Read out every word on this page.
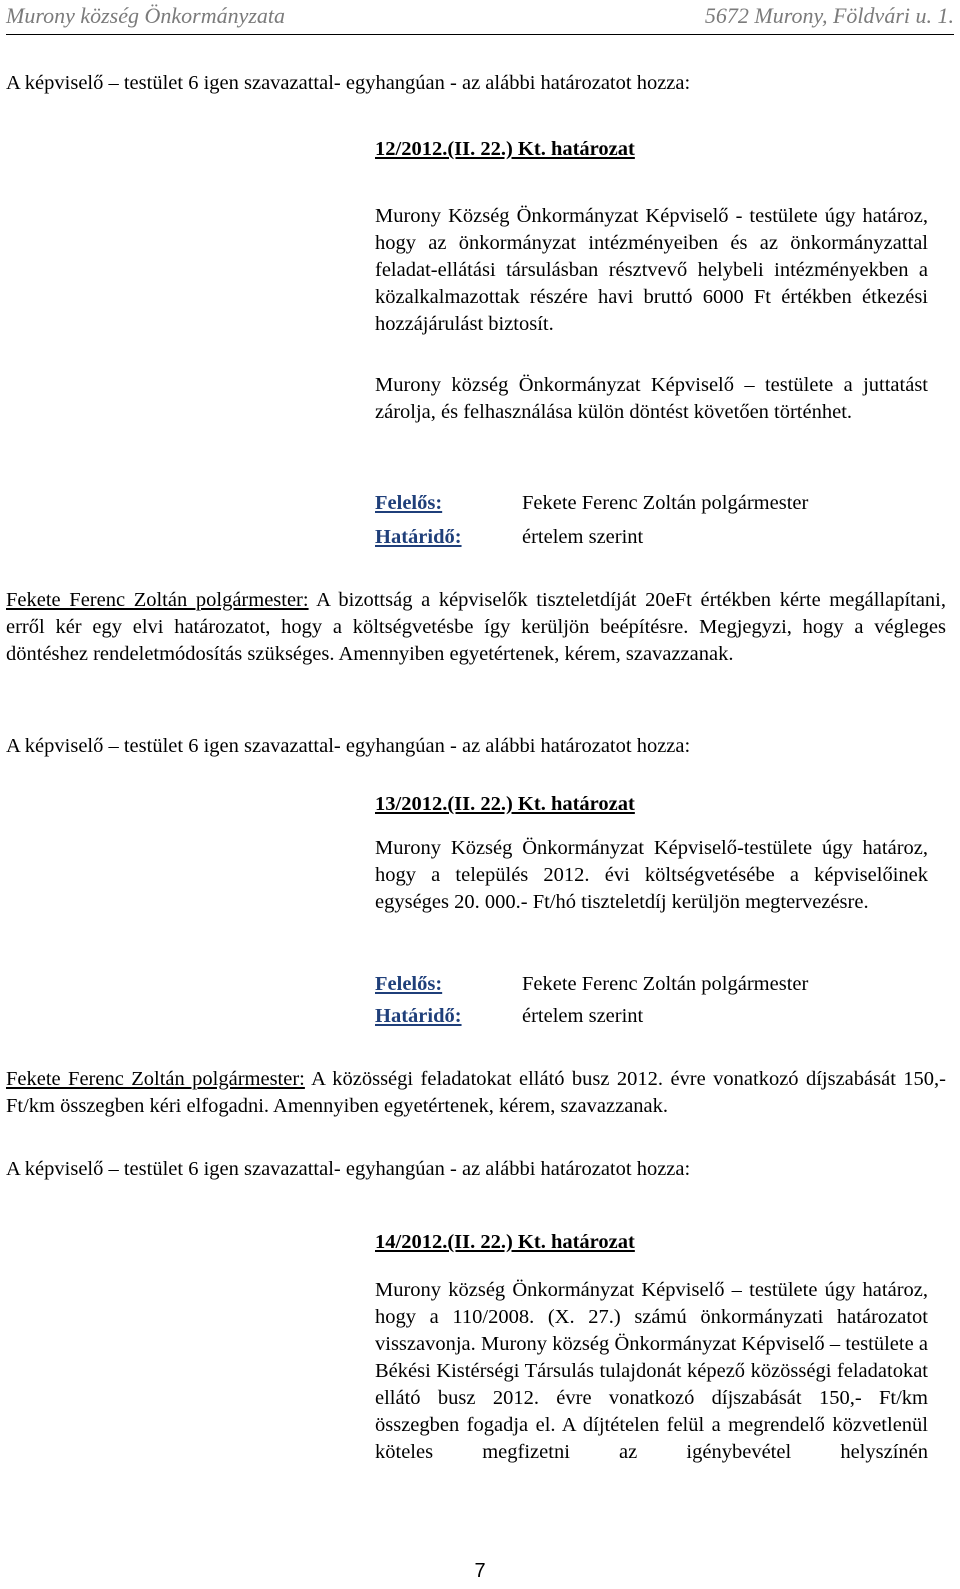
Murony község Önkormányzata	5672 Murony, Földvári u. 1.

A képviselő – testület 6 igen szavazattal- egyhangúan - az alábbi határozatot hozza:

12/2012.(II. 22.) Kt. határozat

Murony Község Önkormányzat Képviselő - testülete úgy határoz, hogy az önkormányzat intézményeiben és az önkormányzattal feladat-ellátási társulásban résztvevő helybeli intézményekben a közalkalmazottak részére havi bruttó 6000 Ft értékben étkezési hozzájárulást biztosít.

Murony község Önkormányzat Képviselő – testülete a juttatást zárolja, és felhasználása külön döntést követően történhet.

Felelős:	Fekete Ferenc Zoltán polgármester
Határidő:	értelem szerint

Fekete Ferenc Zoltán polgármester: A bizottság a képviselők tiszteletdíját 20eFt értékben kérte megállapítani, erről kér egy elvi határozatot, hogy a költségvetésbe így kerüljön beépítésre. Megjegyzi, hogy a végleges döntéshez rendeletmódosítás szükséges. Amennyiben egyetértenek, kérem, szavazzanak.

A képviselő – testület 6 igen szavazattal- egyhangúan - az alábbi határozatot hozza:

13/2012.(II. 22.) Kt. határozat

Murony Község Önkormányzat Képviselő-testülete úgy határoz, hogy a település 2012. évi költségvetésébe a képviselőinek egységes 20. 000.- Ft/hó tiszteletdíj kerüljön megtervezésre.

Felelős:	Fekete Ferenc Zoltán polgármester
Határidő:	értelem szerint

Fekete Ferenc Zoltán polgármester: A közösségi feladatokat ellátó busz 2012. évre vonatkozó díjszabását 150,- Ft/km összegben kéri elfogadni. Amennyiben egyetértenek, kérem, szavazzanak.

A képviselő – testület 6 igen szavazattal- egyhangúan - az alábbi határozatot hozza:

14/2012.(II. 22.) Kt. határozat

Murony község Önkormányzat Képviselő – testülete úgy határoz, hogy a 110/2008. (X. 27.) számú önkormányzati határozatot visszavonja. Murony község Önkormányzat Képviselő – testülete a Békési Kistérségi Társulás tulajdonát képező közösségi feladatokat ellátó busz 2012. évre vonatkozó díjszabását 150,- Ft/km összegben fogadja el. A díjtételen felül a megrendelő közvetlenül köteles megfizetni az igénybevétel helyszínén

7
